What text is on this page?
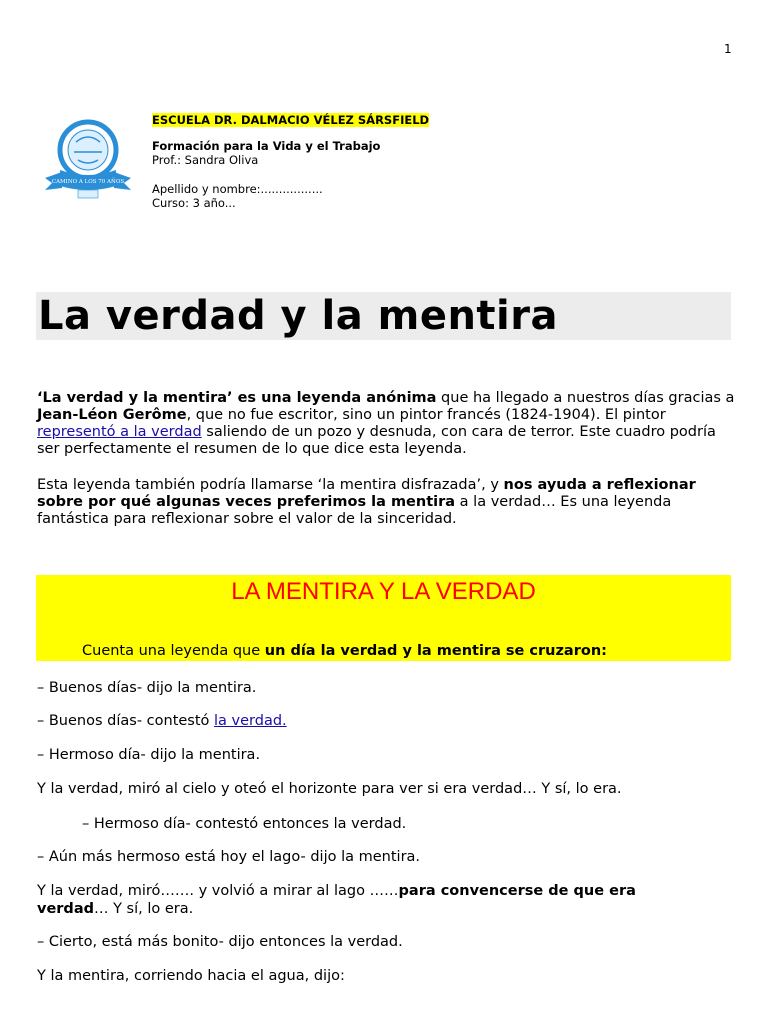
1
CAMINO A LOS 70 AÑOS
ESCUELA DR. DALMACIO VÉLEZ SÁRSFIELD
Formación para la Vida y el Trabajo
Prof.: Sandra Oliva
Apellido y nombre:.................
Curso: 3 año...
La verdad y la mentira
‘La verdad y la mentira’ es una leyenda anónima que ha llegado a nuestros días gracias a Jean-Léon Gerôme, que no fue escritor, sino un pintor francés (1824-1904). El pintor representó a la verdad saliendo de un pozo y desnuda, con cara de terror. Este cuadro podría ser perfectamente el resumen de lo que dice esta leyenda.
Esta leyenda también podría llamarse ‘la mentira disfrazada’, y nos ayuda a reflexionar sobre por qué algunas veces preferimos la mentira a la verdad… Es una leyenda fantástica para reflexionar sobre el valor de la sinceridad.
LA MENTIRA Y LA VERDAD
Cuenta una leyenda que un día la verdad y la mentira se cruzaron:
– Buenos días- dijo la mentira.
– Buenos días- contestó la verdad.
– Hermoso día- dijo la mentira.
Y la verdad, miró al cielo y oteó el horizonte para ver si era verdad… Y sí, lo era.
– Hermoso día- contestó entonces la verdad.
– Aún más hermoso está hoy el lago- dijo la mentira.
Y la verdad, miró……. y volvió a mirar al lago ……para convencerse de que era
verdad… Y sí, lo era.
– Cierto, está más bonito- dijo entonces la verdad.
Y la mentira, corriendo hacia el agua, dijo:
